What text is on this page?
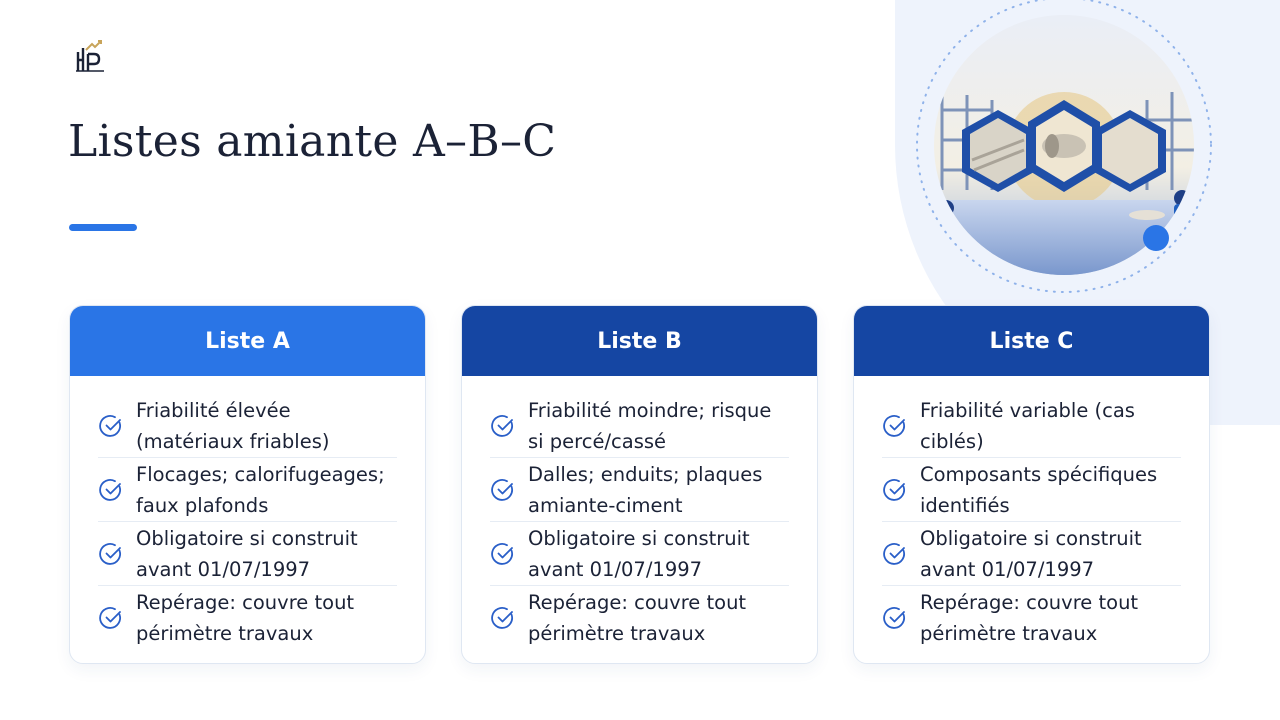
Listes amiante A–B–C
Liste A
Friabilité élevée (matériaux friables)
Flocages; calorifugeages; faux plafonds
Obligatoire si construit avant 01/07/1997
Repérage: couvre tout périmètre travaux
Liste B
Friabilité moindre; risque si percé/cassé
Dalles; enduits; plaques amiante-ciment
Obligatoire si construit avant 01/07/1997
Repérage: couvre tout périmètre travaux
Liste C
Friabilité variable (cas ciblés)
Composants spécifiques identifiés
Obligatoire si construit avant 01/07/1997
Repérage: couvre tout périmètre travaux
